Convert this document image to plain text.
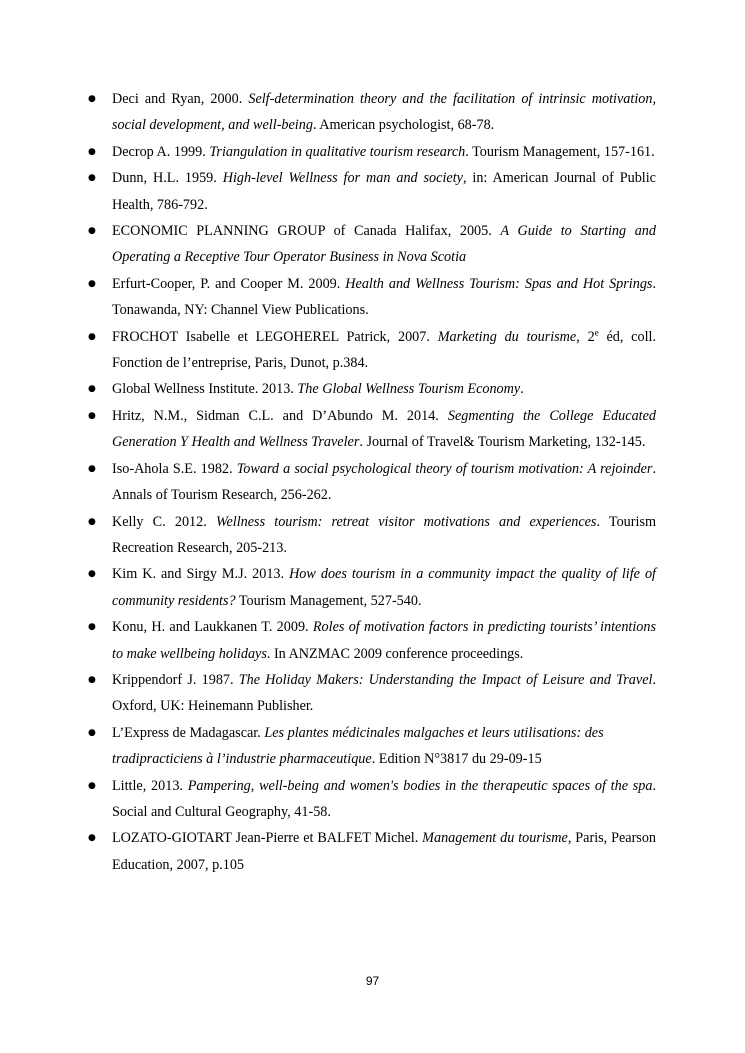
●	Deci and Ryan, 2000. Self-determination theory and the facilitation of intrinsic motivation, social development, and well-being. American psychologist, 68-78.
●	Decrop A. 1999. Triangulation in qualitative tourism research. Tourism Management, 157-161.
●	Dunn, H.L. 1959. High-level Wellness for man and society, in: American Journal of Public Health, 786-792.
●	ECONOMIC PLANNING GROUP of Canada Halifax, 2005. A Guide to Starting and Operating a Receptive Tour Operator Business in Nova Scotia
●	Erfurt-Cooper, P. and Cooper M. 2009. Health and Wellness Tourism: Spas and Hot Springs. Tonawanda, NY: Channel View Publications.
●	FROCHOT Isabelle et LEGOHEREL Patrick, 2007. Marketing du tourisme, 2e éd, coll. Fonction de l’entreprise, Paris, Dunot, p.384.
●	Global Wellness Institute. 2013. The Global Wellness Tourism Economy.
●	Hritz, N.M., Sidman C.L. and D’Abundo M. 2014. Segmenting the College Educated Generation Y Health and Wellness Traveler. Journal of Travel& Tourism Marketing, 132-145.
●	Iso-Ahola S.E. 1982. Toward a social psychological theory of tourism motivation: A rejoinder. Annals of Tourism Research, 256-262.
●	Kelly C. 2012. Wellness tourism: retreat visitor motivations and experiences. Tourism Recreation Research, 205-213.
●	Kim K. and Sirgy M.J. 2013. How does tourism in a community impact the quality of life of community residents? Tourism Management, 527-540.
●	Konu, H. and Laukkanen T. 2009. Roles of motivation factors in predicting tourists’ intentions to make wellbeing holidays. In ANZMAC 2009 conference proceedings.
●	Krippendorf J. 1987. The Holiday Makers: Understanding the Impact of Leisure and Travel. Oxford, UK: Heinemann Publisher.
●	L’Express de Madagascar. Les plantes médicinales malgaches et leurs utilisations: des tradipracticiens à l’industrie pharmaceutique. Edition N°3817 du 29-09-15
●	Little, 2013. Pampering, well-being and women's bodies in the therapeutic spaces of the spa. Social and Cultural Geography, 41-58.
●	LOZATO-GIOTART Jean-Pierre et BALFET Michel. Management du tourisme, Paris, Pearson Education, 2007, p.105
97
